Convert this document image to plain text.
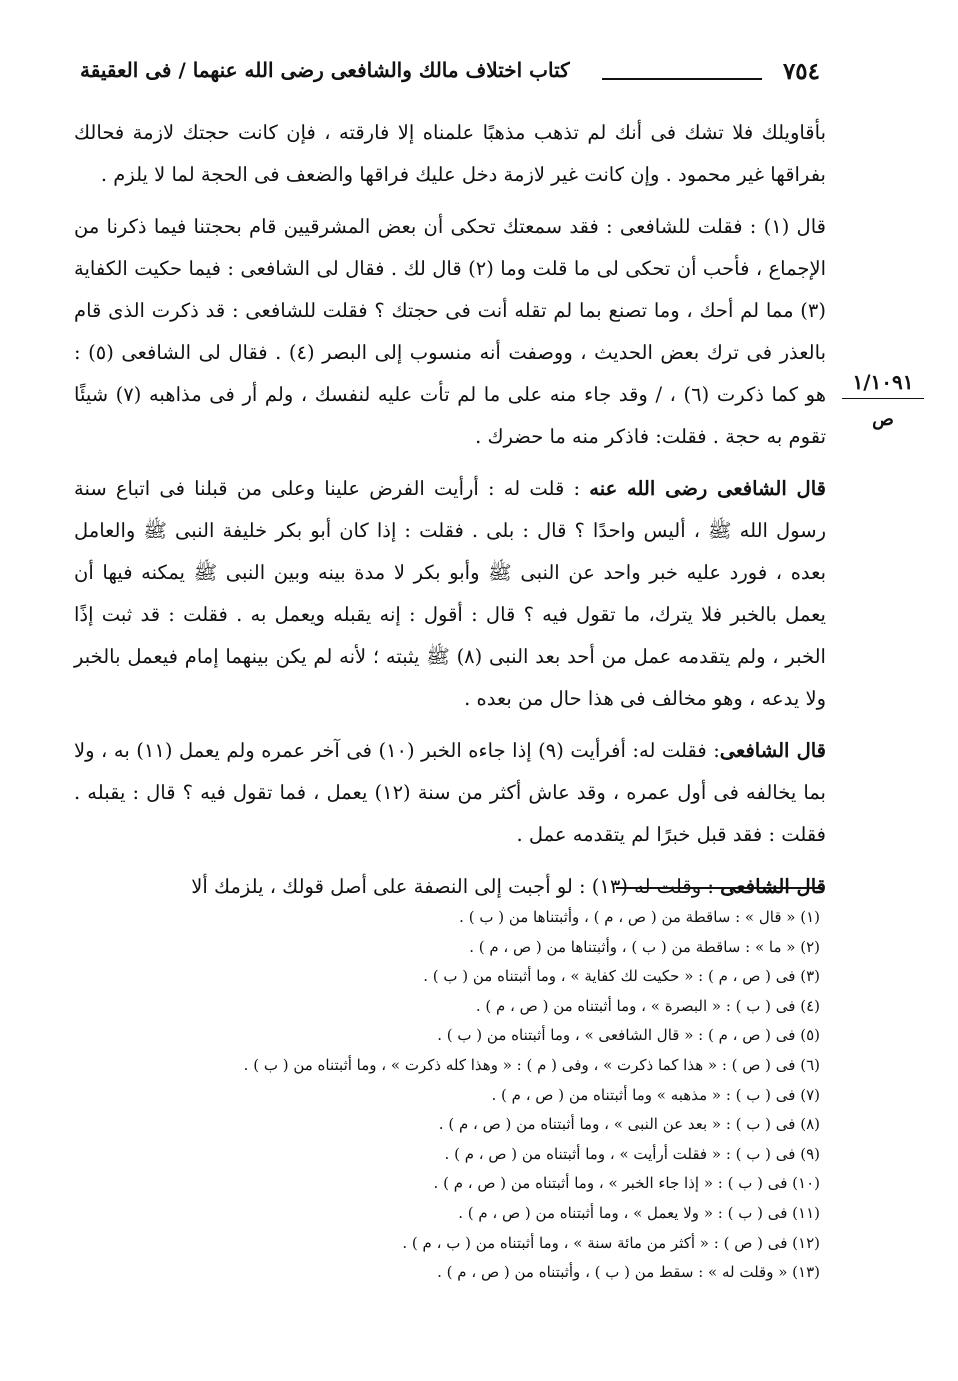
٧٥٤
كتاب اختلاف مالك والشافعى رضى الله عنهما / فى العقيقة
١/١٠٩١
ص

بأقاويلك فلا تشك فى أنك لم تذهب مذهبًا علمناه إلا فارقته ، فإن كانت حجتك لازمة فحالك بفراقها غير محمود . وإن كانت غير لازمة دخل عليك فراقها والضعف فى الحجة لما لا يلزم .

قال (١) : فقلت للشافعى : فقد سمعتك تحكى أن بعض المشرقيين قام بحجتنا فيما ذكرنا من الإجماع ، فأحب أن تحكى لى ما قلت وما (٢) قال لك . فقال لى الشافعى : فيما حكيت الكفاية (٣) مما لم أحك ، وما تصنع بما لم تقله أنت فى حجتك ؟ فقلت للشافعى : قد ذكرت الذى قام بالعذر فى ترك بعض الحديث ، ووصفت أنه منسوب إلى البصر (٤) . فقال لى الشافعى (٥) : هو كما ذكرت (٦) ، / وقد جاء منه على ما لم تأت عليه لنفسك ، ولم أر فى مذاهبه (٧) شيئًا تقوم به حجة . فقلت: فاذكر منه ما حضرك .

قال الشافعى رضى الله عنه : قلت له : أرأيت الفرض علينا وعلى من قبلنا فى اتباع سنة رسول الله ﷺ ، أليس واحدًا ؟ قال : بلى . فقلت : إذا كان أبو بكر خليفة النبى ﷺ والعامل بعده ، فورد عليه خبر واحد عن النبى ﷺ وأبو بكر لا مدة بينه وبين النبى ﷺ يمكنه فيها أن يعمل بالخبر فلا يترك، ما تقول فيه ؟ قال : أقول : إنه يقبله ويعمل به . فقلت : قد ثبت إذًا الخبر ، ولم يتقدمه عمل من أحد بعد النبى (٨) ﷺ يثبته ؛ لأنه لم يكن بينهما إمام فيعمل بالخبر ولا يدعه ، وهو مخالف فى هذا حال من بعده .

قال الشافعى: فقلت له: أفرأيت (٩) إذا جاءه الخبر (١٠) فى آخر عمره ولم يعمل (١١) به ، ولا بما يخالفه فى أول عمره ، وقد عاش أكثر من سنة (١٢) يعمل ، فما تقول فيه ؟ قال : يقبله . فقلت : فقد قبل خبرًا لم يتقدمه عمل .

قال الشافعى : وقلت له (١٣) : لو أجبت إلى النصفة على أصل قولك ، يلزمك ألا

(١) « قال » : ساقطة من ( ص ، م ) ، وأثبتناها من ( ب ) .
(٢) « ما » : ساقطة من ( ب ) ، وأثبتناها من ( ص ، م ) .
(٣) فى ( ص ، م ) : « حكيت لك كفاية » ، وما أثبتناه من ( ب ) .
(٤) فى ( ب ) : « البصرة » ، وما أثبتناه من ( ص ، م ) .
(٥) فى ( ص ، م ) : « قال الشافعى » ، وما أثبتناه من ( ب ) .
(٦) فى ( ص ) : « هذا كما ذكرت » ، وفى ( م ) : « وهذا كله ذكرت » ، وما أثبتناه من ( ب ) .
(٧) فى ( ب ) : « مذهبه » وما أثبتناه من ( ص ، م ) .
(٨) فى ( ب ) : « بعد عن النبى » ، وما أثبتناه من ( ص ، م ) .
(٩) فى ( ب ) : « فقلت أرأيت » ، وما أثبتناه من ( ص ، م ) .
(١٠) فى ( ب ) : « إذا جاء الخبر » ، وما أثبتناه من ( ص ، م ) .
(١١) فى ( ب ) : « ولا يعمل » ، وما أثبتناه من ( ص ، م ) .
(١٢) فى ( ص ) : « أكثر من مائة سنة » ، وما أثبتناه من ( ب ، م ) .
(١٣) « وقلت له » : سقط من ( ب ) ، وأثبتناه من ( ص ، م ) .
